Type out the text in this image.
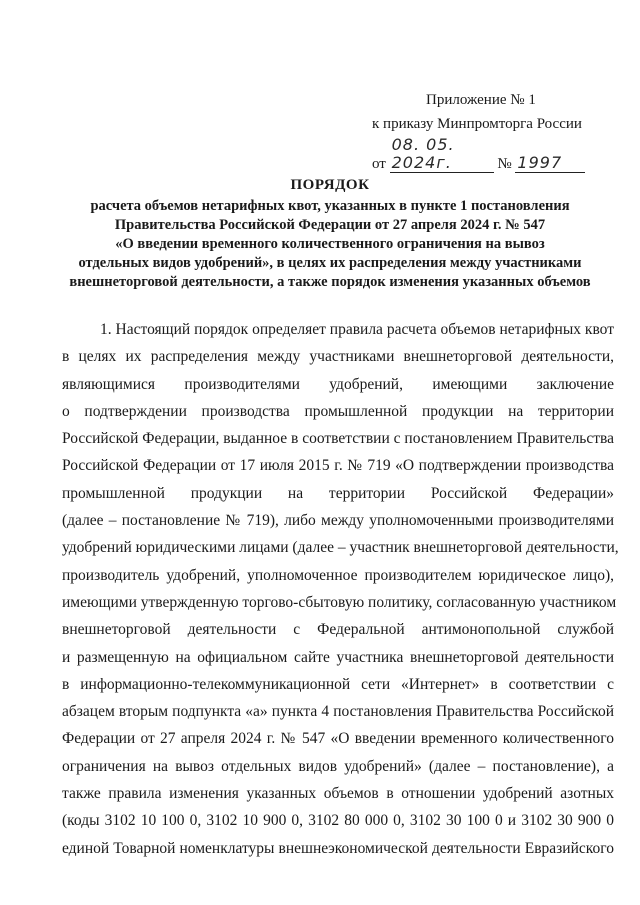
Приложение № 1
к приказу Минпромторга России
от 08. 05. 2024г.	№ 1997
ПОРЯДОК
расчета объемов нетарифных квот, указанных в пункте 1 постановления
Правительства Российской Федерации от 27 апреля 2024 г. № 547
«О введении временного количественного ограничения на вывоз
отдельных видов удобрений», в целях их распределения между участниками
внешнеторговой деятельности, а также порядок изменения указанных объемов
1. Настоящий порядок определяет правила расчета объемов нетарифных квот
в целях их распределения между участниками внешнеторговой деятельности,
являющимися производителями удобрений, имеющими заключение
о подтверждении производства промышленной продукции на территории
Российской Федерации, выданное в соответствии с постановлением Правительства
Российской Федерации от 17 июля 2015 г. № 719 «О подтверждении производства
промышленной продукции на территории Российской Федерации»
(далее – постановление № 719), либо между уполномоченными производителями
удобрений юридическими лицами (далее – участник внешнеторговой деятельности,
производитель удобрений, уполномоченное производителем юридическое лицо),
имеющими утвержденную торгово-сбытовую политику, согласованную участником
внешнеторговой деятельности с Федеральной антимонопольной службой
и размещенную на официальном сайте участника внешнеторговой деятельности
в информационно-телекоммуникационной сети «Интернет» в соответствии с
абзацем вторым подпункта «а» пункта 4 постановления Правительства Российской
Федерации от 27 апреля 2024 г. № 547 «О введении временного количественного
ограничения на вывоз отдельных видов удобрений» (далее – постановление), а
также правила изменения указанных объемов в отношении удобрений азотных
(коды 3102 10 100 0, 3102 10 900 0, 3102 80 000 0, 3102 30 100 0 и 3102 30 900 0
единой Товарной номенклатуры внешнеэкономической деятельности Евразийского
